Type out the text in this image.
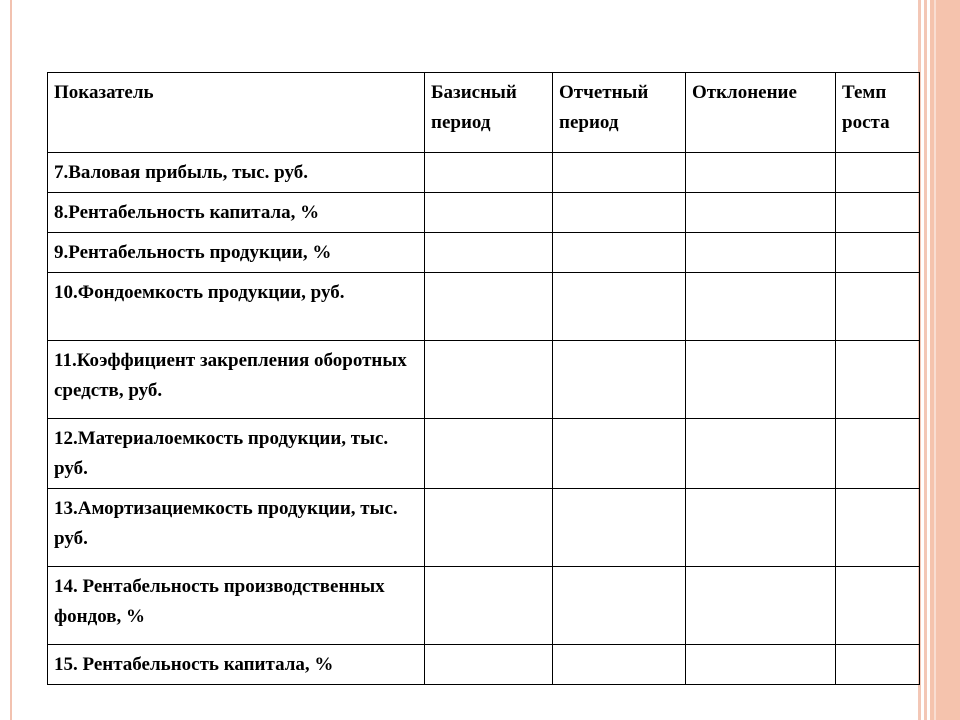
Показатель	Базисный период	Отчетный период	Отклонение	Темп роста
7.Валовая прибыль, тыс. руб.				
8.Рентабельность капитала, %				
9.Рентабельность продукции, %				
10.Фондоемкость продукции, руб.				
11.Коэффициент закрепления оборотных средств, руб.				
12.Материалоемкость продукции, тыс. руб.				
13.Амортизациемкость продукции, тыс. руб.				
14. Рентабельность производственных фондов, %				
15. Рентабельность капитала, %				
